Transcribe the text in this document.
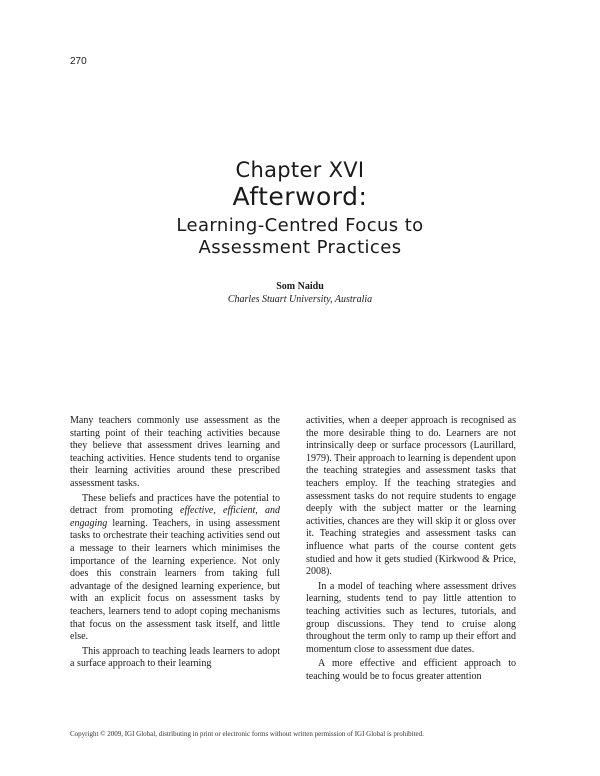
270
Chapter XVI
Afterword:
Learning-Centred Focus to
Assessment Practices
Som Naidu
Charles Stuart University, Australia

Many teachers commonly use assessment as the starting point of their teaching activities because they believe that assessment drives learning and teaching activities. Hence students tend to organise their learning activities around these prescribed assessment tasks.

These beliefs and practices have the potential to detract from promoting effective, efficient, and engaging learning. Teachers, in using assessment tasks to orchestrate their teaching activities send out a message to their learners which minimises the importance of the learning experience. Not only does this constrain learners from taking full advantage of the designed learning experience, but with an explicit focus on assessment tasks by teachers, learners tend to adopt coping mechanisms that focus on the assessment task itself, and little else.

This approach to teaching leads learners to adopt a surface approach to their learning

activities, when a deeper approach is recognised as the more desirable thing to do. Learners are not intrinsically deep or surface processors (Laurillard, 1979). Their approach to learning is dependent upon the teaching strategies and assessment tasks that teachers employ. If the teaching strategies and assessment tasks do not require students to engage deeply with the subject matter or the learning activities, chances are they will skip it or gloss over it. Teaching strategies and assessment tasks can influence what parts of the course content gets studied and how it gets studied (Kirkwood & Price, 2008).

In a model of teaching where assessment drives learning, students tend to pay little attention to teaching activities such as lectures, tutorials, and group discussions. They tend to cruise along throughout the term only to ramp up their effort and momentum close to assessment due dates.

A more effective and efficient approach to teaching would be to focus greater attention

Copyright © 2009, IGI Global, distributing in print or electronic forms without written permission of IGI Global is prohibited.
